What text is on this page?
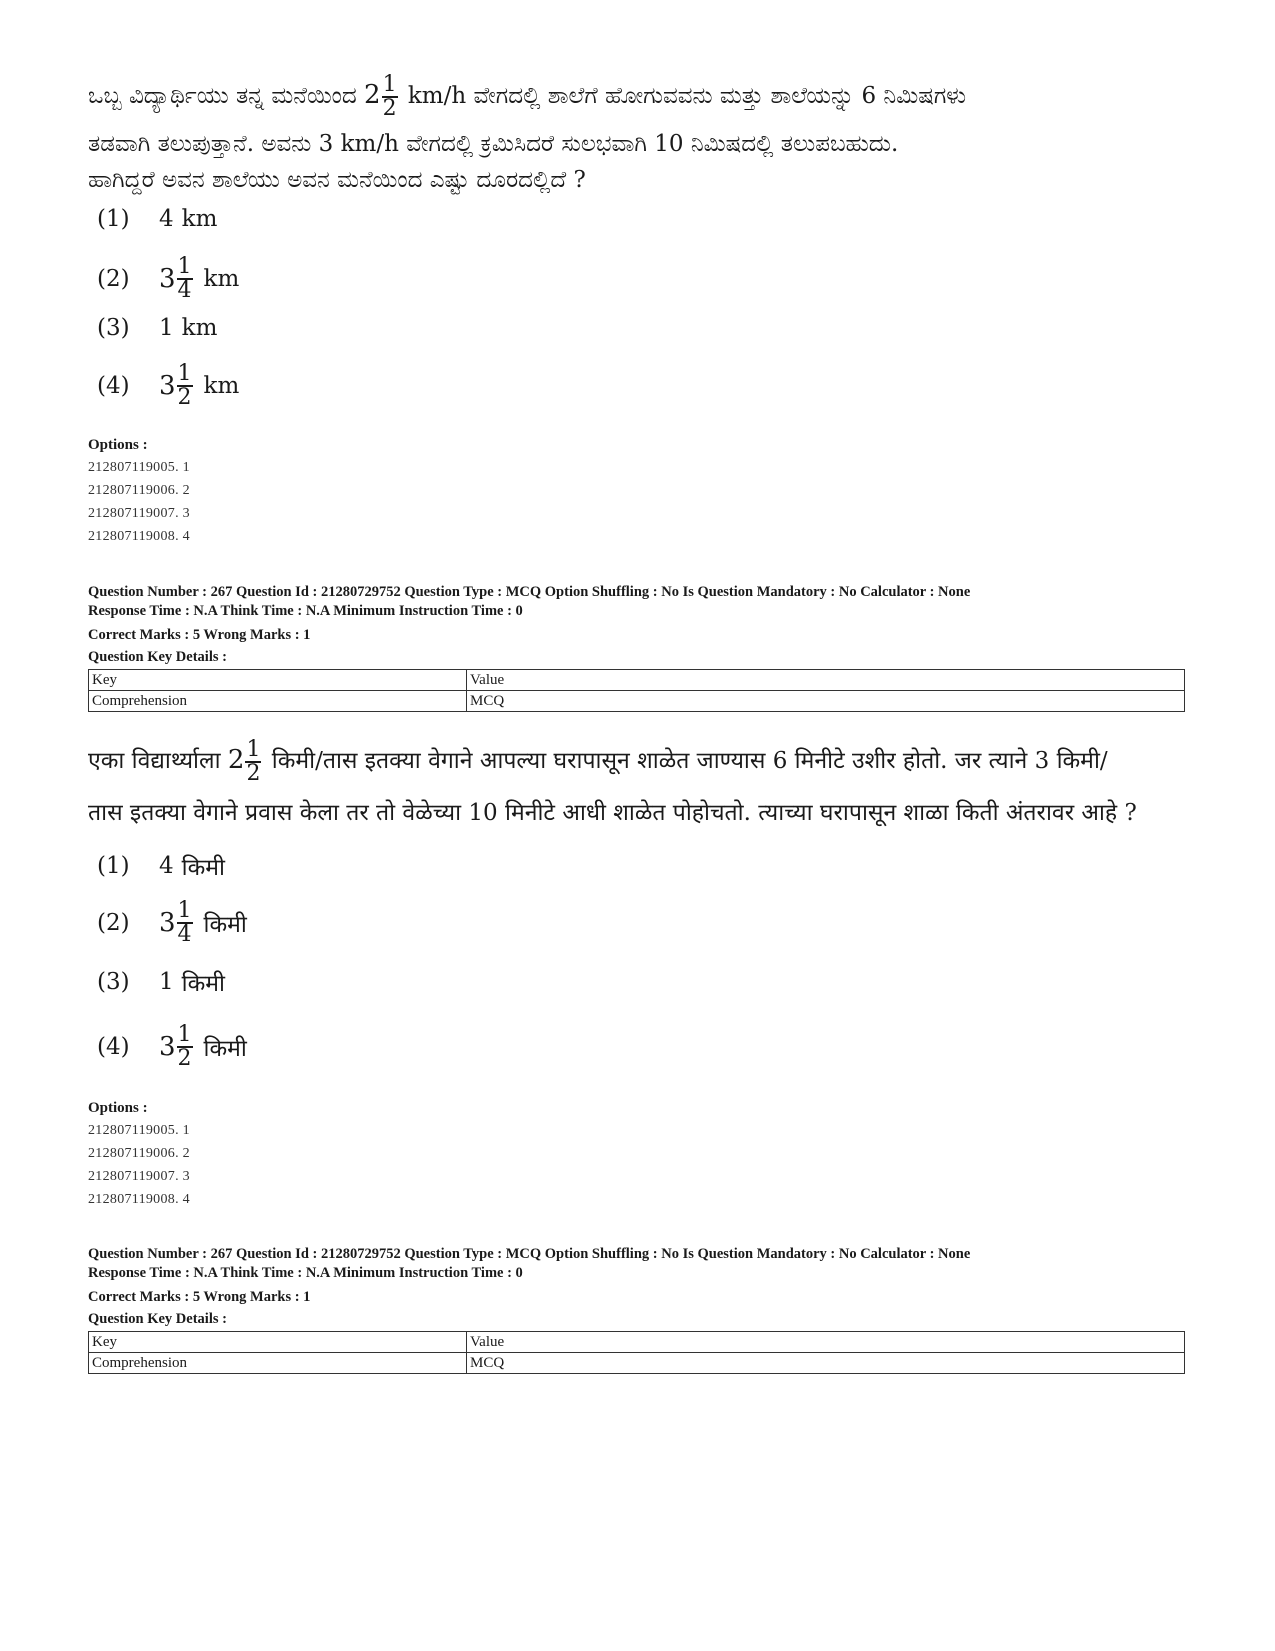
ಒಬ್ಬ ವಿದ್ಯಾರ್ಥಿಯು ತನ್ನ ಮನೆಯಿಂದ $2 \frac{1}{2} km/h$ ವೇಗದಲ್ಲಿ ಶಾಲೆಗೆ ಹೋಗುವವನು ಮತ್ತು ಶಾಲೆಯನ್ನು 6 ನಿಮಿಷಗಳು

ತಡವಾಗಿ ತಲುಪುತ್ತಾನೆ. ಅವನು 3 km/h ವೇಗದಲ್ಲಿ ಕ್ರಮಿಸಿದರೆ ಸುಲಭವಾಗಿ 10 ನಿಮಿಷದಲ್ಲಿ ತಲುಪಬಹುದು.

ಹಾಗಿದ್ದರೆ ಅವನ ಶಾಲೆಯು ಅವನ ಮನೆಯಿಂದ ಎಷ್ಟು ದೂರದಲ್ಲಿದೆ ?

(1)	4 km
(2)	$3 \frac{1}{4}$ km
(3)	1 km
(4)	$3 \frac{1}{2}$ km
Options :
212807119005. 1
212807119006. 2
212807119007. 3
212807119008. 4
Question Number : 267 Question Id : 2128072975​2 Question Type : MCQ Option Shuffling : No Is Question Mandatory : No Calculator : None
Response Time : N.A Think Time : N.A Minimum Instruction Time : 0
Correct Marks : 5 Wrong Marks : 1
Question Key Details :
Key	Value
Comprehension	MCQ

एका विद्यार्थ्याला $2 \frac{1}{2}$ किमी/तास इतक्या वेगाने आपल्या घरापासून शाळेत जाण्यास 6 मिनीटे उशीर होतो. जर त्याने 3 किमी/

तास इतक्या वेगाने प्रवास केला तर तो वेळेच्या 10 मिनीटे आधी शाळेत पोहोचतो. त्याच्या घरापासून शाळा किती अंतरावर आहे ?

(1)	4 किमी
(2)	$3 \frac{1}{4}$ किमी
(3)	1 किमी
(4)	$3 \frac{1}{2}$ किमी
Options :
212807119005. 1
212807119006. 2
212807119007. 3
212807119008. 4
Question Number : 267 Question Id : 21280729752 Question Type : MCQ Option Shuffling : No Is Question Mandatory : No Calculator : None
Response Time : N.A Think Time : N.A Minimum Instruction Time : 0
Correct Marks : 5 Wrong Marks : 1
Question Key Details :
Key	Value
Comprehension	MCQ
